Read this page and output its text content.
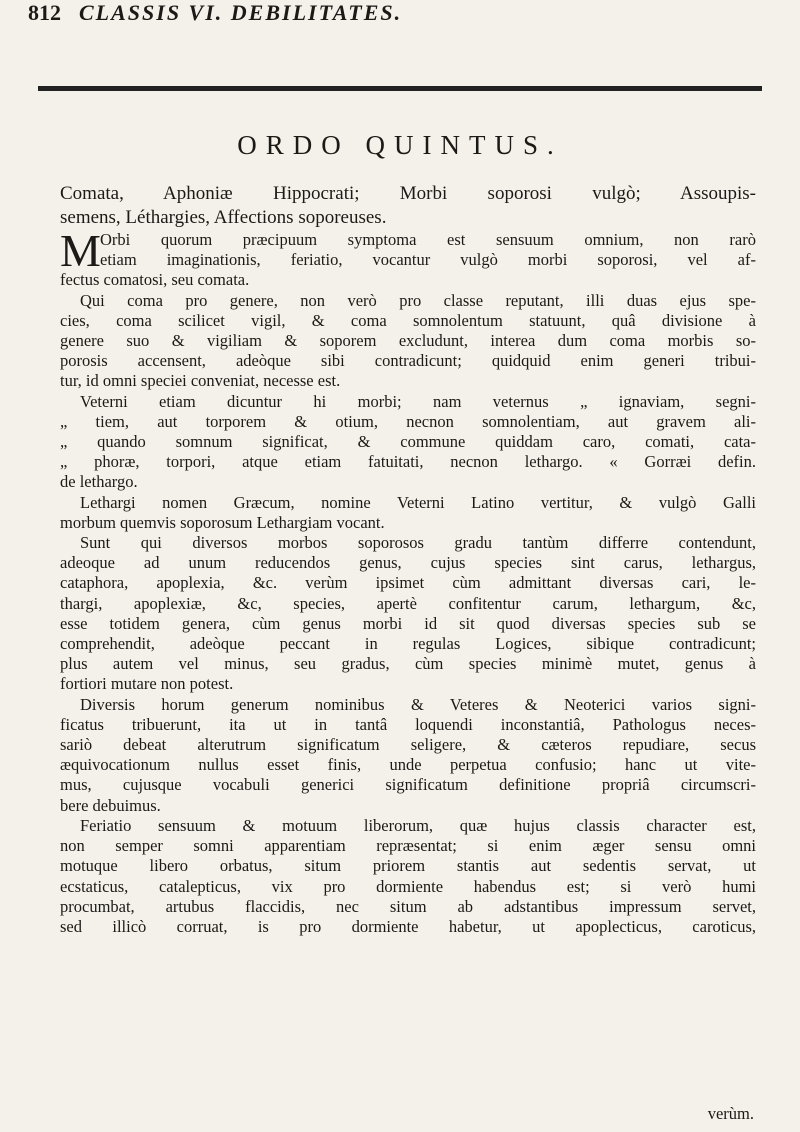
812 CLASSIS VI. DEBILITATES.
ORDO QUINTUS.
Comata, Aphoniæ Hippocrati; Morbi soporosi vulgò; Assoupis-
semens, Léthargies, Affections soporeuses.
M Orbi quorum præcipuum symptoma est sensuum omnium, non rarò
etiam imaginationis, feriatio, vocantur vulgò morbi soporosi, vel af-
fectus comatosi, seu comata.
Qui coma pro genere, non verò pro classe reputant, illi duas ejus spe-
cies, coma scilicet vigil, & coma somnolentum statuunt, quâ divisione à
genere suo & vigiliam & soporem excludunt, interea dum coma morbis so-
porosis accensent, adeòque sibi contradicunt; quidquid enim generi tribui-
tur, id omni speciei conveniat, necesse est.
Veterni etiam dicuntur hi morbi; nam veternus „ ignaviam, segni-
„ tiem, aut torporem & otium, necnon somnolentiam, aut gravem ali-
„ quando somnum significat, & commune quiddam caro, comati, cata-
„ phoræ, torpori, atque etiam fatuitati, necnon lethargo. « Gorræi defin.
de lethargo.
Lethargi nomen Græcum, nomine Veterni Latino vertitur, & vulgò Galli
morbum quemvis soporosum Lethargiam vocant.
Sunt qui diversos morbos soporosos gradu tantùm differre contendunt,
adeoque ad unum reducendos genus, cujus species sint carus, lethargus,
cataphora, apoplexia, &c. verùm ipsimet cùm admittant diversas cari, le-
thargi, apoplexiæ, &c, species, apertè confitentur carum, lethargum, &c,
esse totidem genera, cùm genus morbi id sit quod diversas species sub se
comprehendit, adeòque peccant in regulas Logices, sibique contradicunt;
plus autem vel minus, seu gradus, cùm species minimè mutet, genus à
fortiori mutare non potest.
Diversis horum generum nominibus & Veteres & Neoterici varios signi-
ficatus tribuerunt, ita ut in tantâ loquendi inconstantiâ, Pathologus neces-
sariò debeat alterutrum significatum seligere, & cæteros repudiare, secus
æquivocationum nullus esset finis, unde perpetua confusio; hanc ut vite-
mus, cujusque vocabuli generici significatum definitione propriâ circumscri-
bere debuimus.
Feriatio sensuum & motuum liberorum, quæ hujus classis character est,
non semper somni apparentiam repræsentat; si enim æger sensu omni
motuque libero orbatus, situm priorem stantis aut sedentis servat, ut
ecstaticus, catalepticus, vix pro dormiente habendus est; si verò humi
procumbat, artubus flaccidis, nec situm ab adstantibus impressum servet,
sed illicò corruat, is pro dormiente habetur, ut apoplecticus, caroticus,
verùm.
